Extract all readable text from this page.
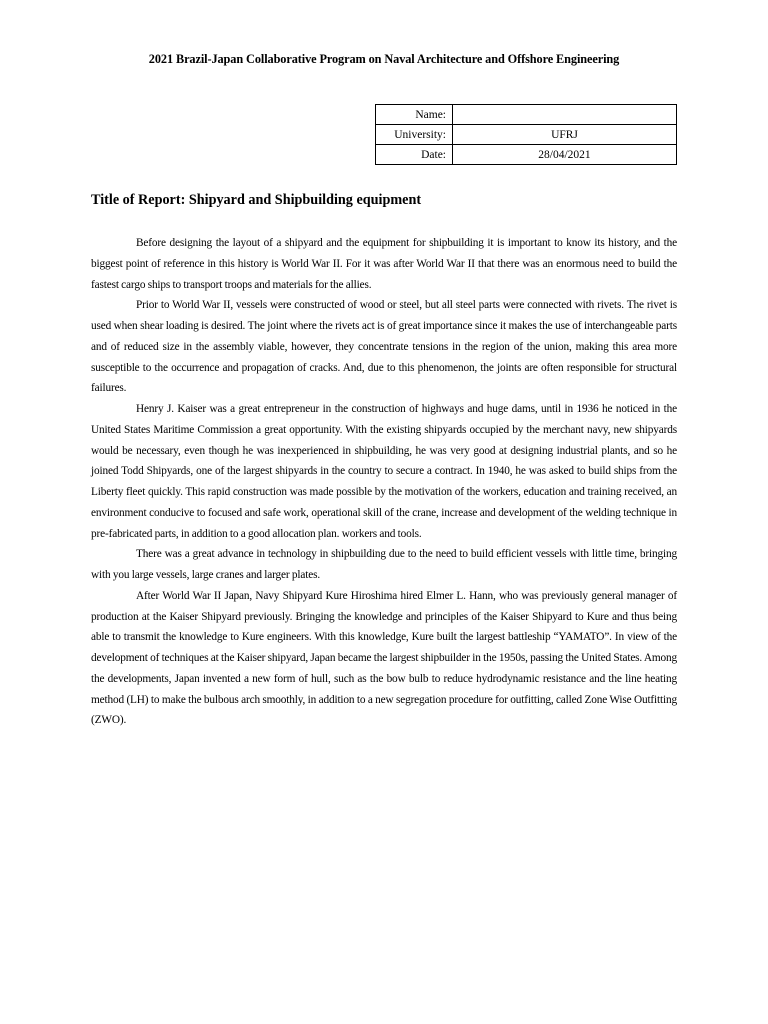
2021 Brazil-Japan Collaborative Program on Naval Architecture and Offshore Engineering
Name:	
University:	UFRJ
Date:	28/04/2021
Title of Report: Shipyard and Shipbuilding equipment

Before designing the layout of a shipyard and the equipment for shipbuilding it is important to know its history, and the biggest point of reference in this history is World War II. For it was after World War II that there was an enormous need to build the fastest cargo ships to transport troops and materials for the allies.

Prior to World War II, vessels were constructed of wood or steel, but all steel parts were connected with rivets. The rivet is used when shear loading is desired. The joint where the rivets act is of great importance since it makes the use of interchangeable parts and of reduced size in the assembly viable, however, they concentrate tensions in the region of the union, making this area more susceptible to the occurrence and propagation of cracks. And, due to this phenomenon, the joints are often responsible for structural failures.

Henry J. Kaiser was a great entrepreneur in the construction of highways and huge dams, until in 1936 he noticed in the United States Maritime Commission a great opportunity. With the existing shipyards occupied by the merchant navy, new shipyards would be necessary, even though he was inexperienced in shipbuilding, he was very good at designing industrial plants, and so he joined Todd Shipyards, one of the largest shipyards in the country to secure a contract. In 1940, he was asked to build ships from the Liberty fleet quickly. This rapid construction was made possible by the motivation of the workers, education and training received, an environment conducive to focused and safe work, operational skill of the crane, increase and development of the welding technique in pre-fabricated parts, in addition to a good allocation plan. workers and tools.

There was a great advance in technology in shipbuilding due to the need to build efficient vessels with little time, bringing with you large vessels, large cranes and larger plates.

After World War II Japan, Navy Shipyard Kure Hiroshima hired Elmer L. Hann, who was previously general manager of production at the Kaiser Shipyard previously. Bringing the knowledge and principles of the Kaiser Shipyard to Kure and thus being able to transmit the knowledge to Kure engineers. With this knowledge, Kure built the largest battleship “YAMATO”. In view of the development of techniques at the Kaiser shipyard, Japan became the largest shipbuilder in the 1950s, passing the United States. Among the developments, Japan invented a new form of hull, such as the bow bulb to reduce hydrodynamic resistance and the line heating method (LH) to make the bulbous arch smoothly, in addition to a new segregation procedure for outfitting, called Zone Wise Outfitting (ZWO).
